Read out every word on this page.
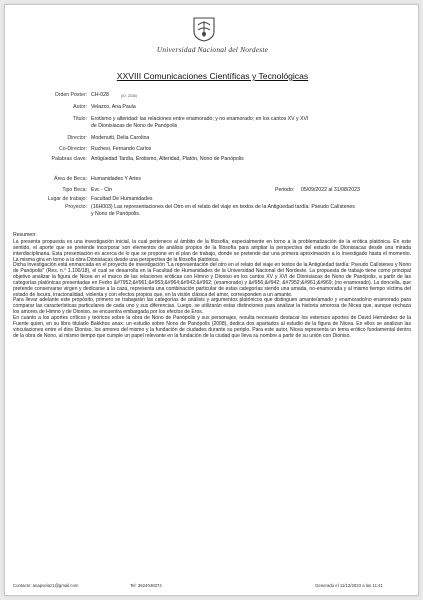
Universidad Nacional del Nordeste
XXVIII Comunicaciones Científicas y Tecnológicas
Orden Poster: CH-028	(ID: 2336)
Autor: Velazco, Ana Paula
Título: Erotismo y alteridad: las relaciones entre enamorado; y no enamorado; en los cantos XV y XVI
de Dionisiacas de Nono de Panópolis
Director: Modenutti, Delia Carolina
Co-Director: Ruchesi, Fernando Carlos
Palabras clave: Antigüedad Tardía, Erotismo, Alteridad, Platón, Nono de Panópolis
Área de Beca: Humanidades Y Artes
Tipo Beca: Evc - Cin	Periodo: 05/09/2022 al 31/08/2023
Lugar de trabajo: Facultad De Humanidades
Proyecto: (16H003) Las representaciones del Otro en el relato del viaje en textos de la Antigüedad tardía: Pseudo Calístenes
y Nono de Panópolis.
Resumen:

La presenta propuesta es una investigación inicial, la cual pertenece al ámbito de la filosofía, especialmente en torno a la problematización de la erótica platónica. En este sentido, el aporte que se pretende incorporar son elementos de análisis propios de la filosofía para ampliar la perspectiva del estudio de Dionisiacas desde una mirada interdisciplinaria. Esta presentación es acerca de lo que se propone en el plan de trabajo, donde se pretende dar una primera aproximación a lo investigado hasta el momento. La misma gira en torno a la obra Dionisiacas desde una perspectiva de la filosofía platónica.

Dicha investigación está enmarcada en el proyecto de investigación "La representación del otro en el relato del viaje en textos de la Antigüedad tardía: Pseudo Calístenes y Nono de Panópolis" (Res. n.° 1.100/18), el cual se desarrolla en la Facultad de Humanidades de la Universidad Nacional del Nordeste. La propuesta de trabajo tiene como principal objetivo analizar la figura de Nicea en el marco de las relaciones eróticas con Himno y Dioniso en los cantos XV y XVI de Dionisiacas de Nono de Panópolis, a partir de las categorías platónicas presentadas en Fedro &#7952;&#961;&#953;&#964;&#942;&#962; (enamorado) y &#956;&#942; &#7952;&#961;&#969; (no enamorado). La doncella, que pretende conservarse virgen y dedicarse a la caza, representa una combinación particular de estas categorías siendo una amada, no-enamorada y al mismo tiempo víctima del estado de locura, irracionalidad, violenta y con efectos propios que, en la visión clásica del amor, corresponden a un amante.

Para llevar adelante este propósito, primero se trabajarán las categorías de análisis y argumentos platónicos que distinguen amante/amado y enamorado/no enamorado para comparar las características particulares de cada uno y sus diferencias. Luego, se utilizarán estas distinciones para analizar la historia amorosa de Nicea que, aunque rechaza los amores de Himno y de Dioniso, se encuentra embargada por los efectos de Eros.

En cuanto a los aportes críticos y teóricos sobre la obra de Nono de Panópolis y sus personajes, resulta necesario destacar los extensos aportes de David Hernández de la Fuente quien, en su libro titulado Bakkhos anax: un estudio sobre Nono de Panópolis (2008), dedica dos apartados al estudio de la figura de Nicea. En ellos se analizan las vinculaciones entre el dios Dioniso, los amores del mismo y la fundación de ciudades durante su periplo. Para este autor, Nicea representa un tema erótico fundamental dentro de la obra de Nono, al mismo tiempo que cumple un papel relevante en la fundación de la ciudad que lleva su nombre a partir de su unión con Dioniso.

Contacto: anapvelaz1@gmail.com	Tel: 3624048374	Generado el 11/12/2023 a las 11:41
